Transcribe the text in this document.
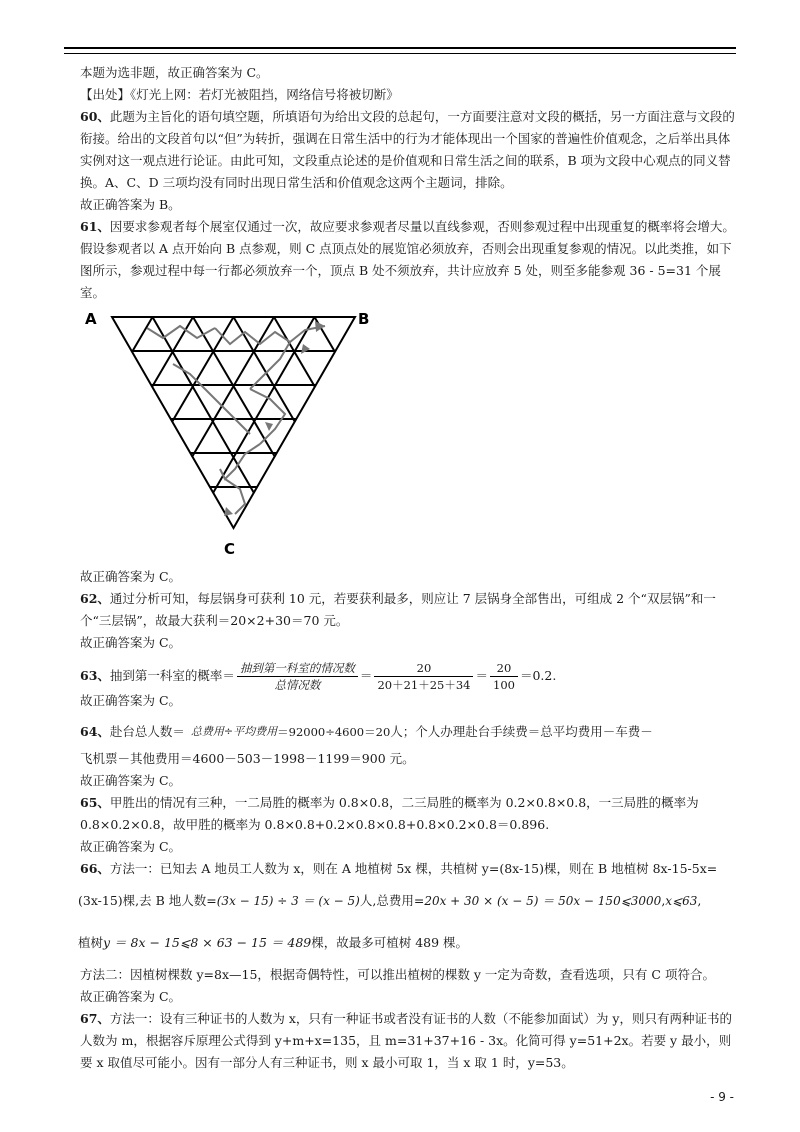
本题为选非题，故正确答案为 C。

【出处】《灯光上网：若灯光被阻挡，网络信号将被切断》

60、此题为主旨化的语句填空题，所填语句为给出文段的总起句，一方面要注意对文段的概括，另一方面注意与文段的衔接。给出的文段首句以“但”为转折，强调在日常生活中的行为才能体现出一个国家的普遍性价值观念，之后举出具体实例对这一观点进行论证。由此可知，文段重点论述的是价值观和日常生活之间的联系，B 项为文段中心观点的同义替换。A、C、D 三项均没有同时出现日常生活和价值观念这两个主题词，排除。

故正确答案为 B。

61、因要求参观者每个展室仅通过一次，故应要求参观者尽量以直线参观，否则参观过程中出现重复的概率将会增大。假设参观者以 A 点开始向 B 点参观，则 C 点顶点处的展览馆必须放弃，否则会出现重复参观的情况。以此类推，如下图所示，参观过程中每一行都必须放弃一个，顶点 B 处不须放弃，共计应放弃 5 处，则至多能参观 36 - 5=31 个展室。

A	B
C

故正确答案为 C。

62、通过分析可知，每层锅身可获利 10 元，若要获利最多，则应让 7 层锅身全部售出，可组成 2 个“双层锅”和一个“三层锅”，故最大获利＝20×2+30＝70 元。

故正确答案为 C。

63、 抽到第一科室的概率＝ $\frac{\text{抽到第一科室的情况数}}{\text{总情况数}} = \frac{20}{20+21+25+34} = \frac{20}{100} =0.2$.

故正确答案为 C。

64、 赴台总人数＝ 总费用÷平均费用 ＝92000÷4600＝20 人；个人办理赴台手续费＝总平均费用－车费－

飞机票－其他费用＝4600－503－1998－1199＝900 元。

故正确答案为 C。

65、甲胜出的情况有三种，一二局胜的概率为 0.8×0.8，二三局胜的概率为 0.2×0.8×0.8，一三局胜的概率为 0.8×0.2×0.8，故甲胜的概率为 0.8×0.8+0.2×0.8×0.8+0.8×0.2×0.8＝0.896.

故正确答案为 C。

66、方法一：已知去 A 地员工人数为 x，则在 A 地植树 5x 棵，共植树 y=(8x-15)棵，则在 B 地植树 8x-15-5x=

(3x-15)棵,去 B 地人数= (3x − 15) ÷ 3 ＝ (x − 5) 人,总费用= 20x + 30 × (x − 5) ＝ 50x − 150⩽3000 , x⩽63 ,
植树 y ＝ 8x − 15⩽8 × 63 − 15 ＝ 489 棵，故最多可植树 489 棵。

方法二：因植树棵数 y=8x—15，根据奇偶特性，可以推出植树的棵数 y 一定为奇数，查看选项，只有 C 项符合。

故正确答案为 C。

67、方法一：设有三种证书的人数为 x，只有一种证书或者没有证书的人数（不能参加面试）为 y，则只有两种证书的人数为 m，根据容斥原理公式得到 y+m+x=135，且 m=31+37+16 - 3x。化简可得 y=51+2x。若要 y 最小，则要 x 取值尽可能小。因有一部分人有三种证书，则 x 最小可取 1，当 x 取 1 时，y=53。

- 9 -
